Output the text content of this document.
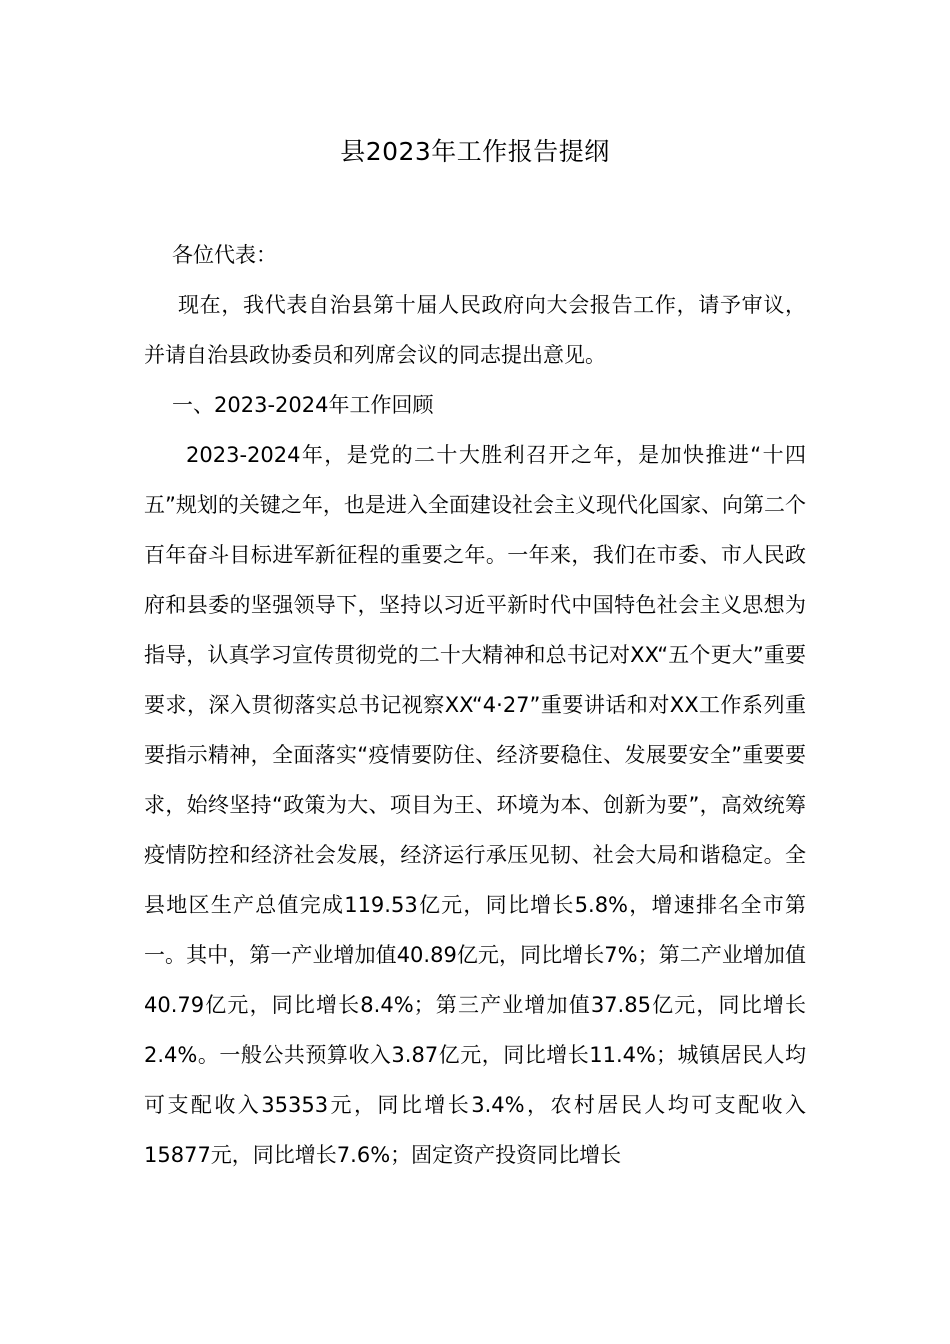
县2023年工作报告提纲

各位代表：

现在，我代表自治县第十届人民政府向大会报告工作，请予审议，并请自治县政协委员和列席会议的同志提出意见。

一、2023-2024年工作回顾

2023-2024年，是党的二十大胜利召开之年，是加快推进“十四五”规划的关键之年，也是进入全面建设社会主义现代化国家、向第二个百年奋斗目标进军新征程的重要之年。一年来，我们在市委、市人民政府和县委的坚强领导下，坚持以习近平新时代中国特色社会主义思想为指导，认真学习宣传贯彻党的二十大精神和总书记对XX“五个更大”重要要求，深入贯彻落实总书记视察XX“4·27”重要讲话和对XX工作系列重要指示精神，全面落实“疫情要防住、经济要稳住、发展要安全”重要要求，始终坚持“政策为大、项目为王、环境为本、创新为要”，高效统筹疫情防控和经济社会发展，经济运行承压见韧、社会大局和谐稳定。全县地区生产总值完成119.53亿元，同比增长5.8%，增速排名全市第一。其中，第一产业增加值40.89亿元，同比增长7%；第二产业增加值40.79亿元，同比增长8.4%；第三产业增加值37.85亿元，同比增长2.4%。一般公共预算收入3.87亿元，同比增长11.4%；城镇居民人均可支配收入35353元，同比增长3.4%，农村居民人均可支配收入15877元，同比增长7.6%；固定资产投资同比增长
